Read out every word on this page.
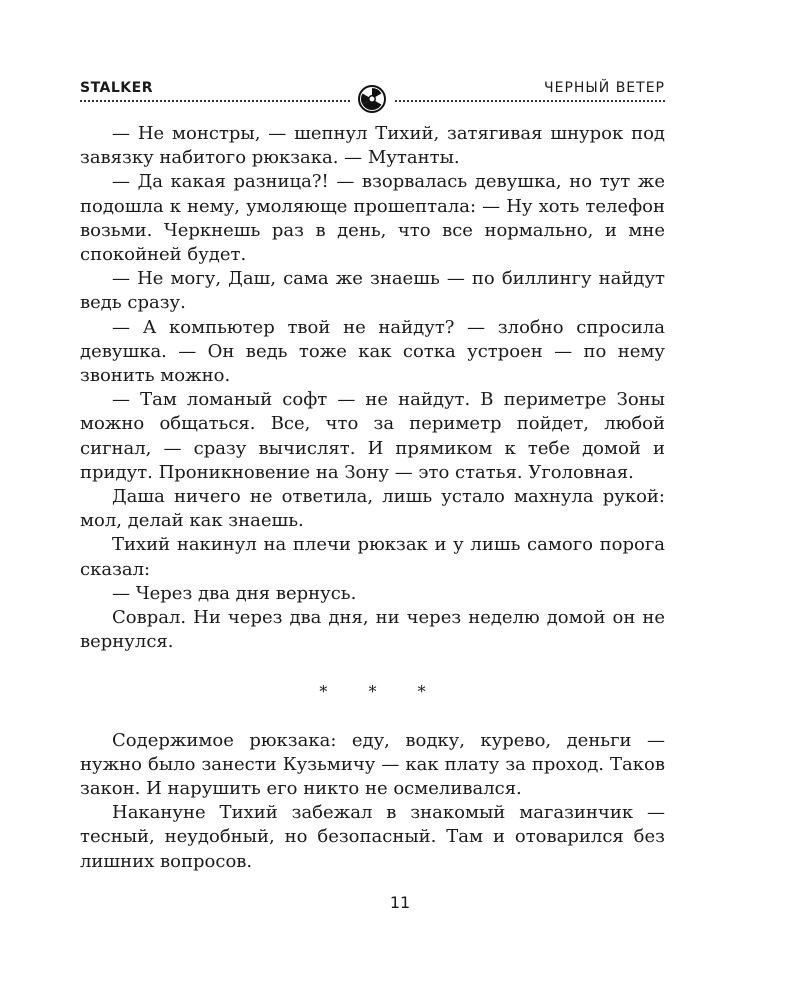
STALKER	ЧЕРНЫЙ ВЕТЕР

— Не монстры, — шепнул Тихий, затягивая шнурок под завязку набитого рюкзака. — Мутанты.

— Да какая разница?! — взорвалась девушка, но тут же подошла к нему, умоляюще прошептала: — Ну хоть телефон возьми. Черкнешь раз в день, что все нормально, и мне спокойней будет.

— Не могу, Даш, сама же знаешь — по биллингу найдут ведь сразу.

— А компьютер твой не найдут? — злобно спросила девушка. — Он ведь тоже как сотка устроен — по нему звонить можно.

— Там ломаный софт — не найдут. В периметре Зоны можно общаться. Все, что за периметр пойдет, любой сигнал, — сразу вычислят. И прямиком к тебе домой и придут. Проникновение на Зону — это статья. Уголовная.

Даша ничего не ответила, лишь устало махнула рукой: мол, делай как знаешь.

Тихий накинул на плечи рюкзак и у лишь самого порога сказал:

— Через два дня вернусь.

Соврал. Ни через два дня, ни через неделю домой он не вернулся.

* * *

Содержимое рюкзака: еду, водку, курево, деньги — нужно было занести Кузьмичу — как плату за проход. Таков закон. И нарушить его никто не осмеливался.

Накануне Тихий забежал в знакомый магазинчик — тесный, неудобный, но безопасный. Там и отоварился без лишних вопросов.

11
